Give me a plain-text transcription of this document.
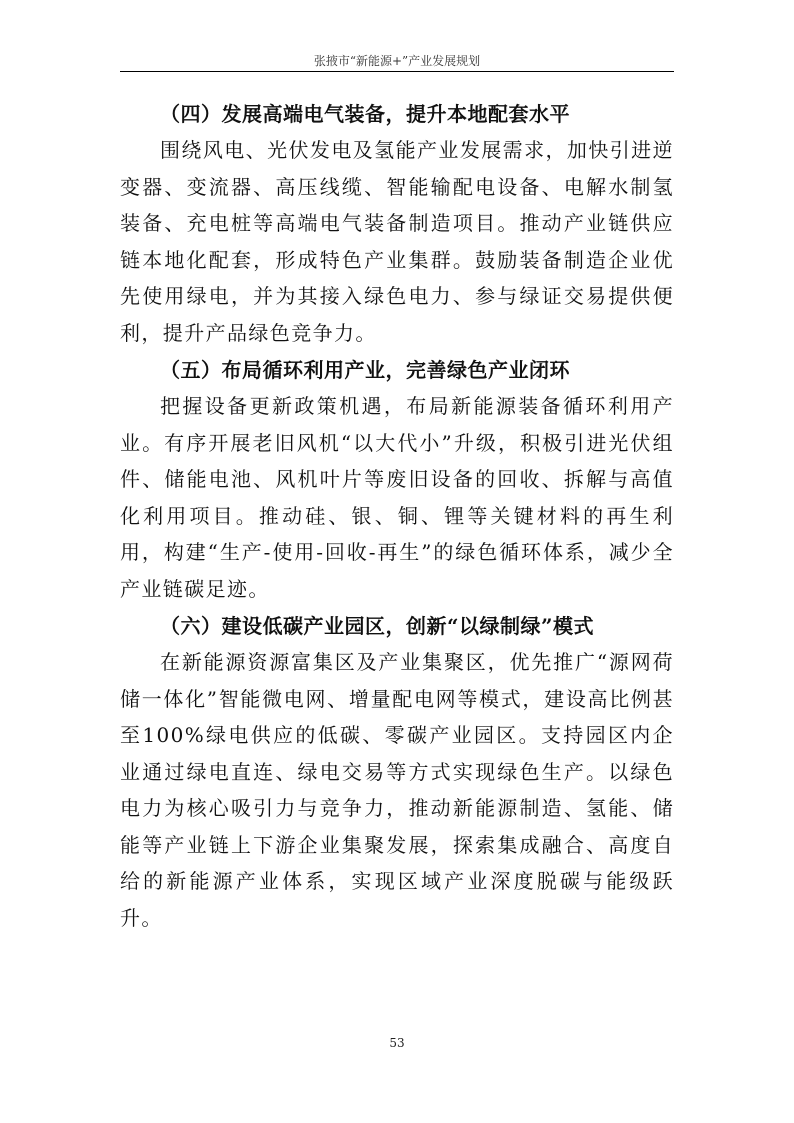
张掖市“新能源+”产业发展规划

（四）发展高端电气装备，提升本地配套水平

围绕风电、光伏发电及氢能产业发展需求，加快引进逆变器、变流器、高压线缆、智能输配电设备、电解水制氢装备、充电桩等高端电气装备制造项目。推动产业链供应链本地化配套，形成特色产业集群。鼓励装备制造企业优先使用绿电，并为其接入绿色电力、参与绿证交易提供便利，提升产品绿色竞争力。

（五）布局循环利用产业，完善绿色产业闭环

把握设备更新政策机遇，布局新能源装备循环利用产业。有序开展老旧风机“以大代小”升级，积极引进光伏组件、储能电池、风机叶片等废旧设备的回收、拆解与高值化利用项目。推动硅、银、铜、锂等关键材料的再生利用，构建“生产-使用-回收-再生”的绿色循环体系，减少全产业链碳足迹。

（六）建设低碳产业园区，创新“以绿制绿”模式

在新能源资源富集区及产业集聚区，优先推广“源网荷储一体化”智能微电网、增量配电网等模式，建设高比例甚至100%绿电供应的低碳、零碳产业园区。支持园区内企业通过绿电直连、绿电交易等方式实现绿色生产。以绿色电力为核心吸引力与竞争力，推动新能源制造、氢能、储能等产业链上下游企业集聚发展，探索集成融合、高度自给的新能源产业体系，实现区域产业深度脱碳与能级跃升。

53
